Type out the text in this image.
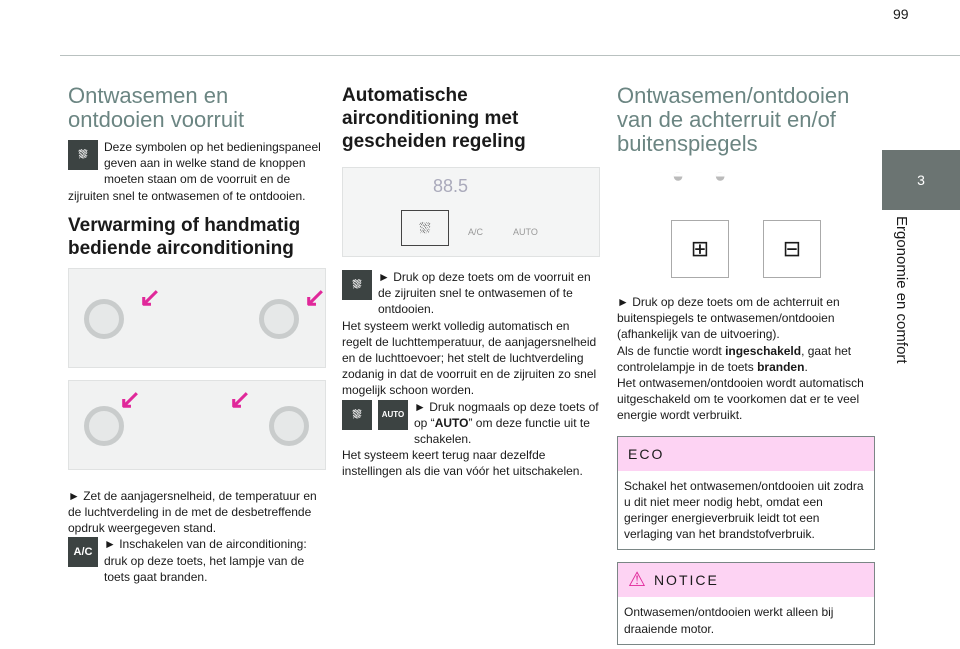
99
3
Ergonomie en comfort
Ontwasemen en ontdooien voorruit
⛆

Deze symbolen op het bedieningspaneel geven aan in welke stand de knoppen moeten staan om de voorruit en de zijruiten snel te ontwasemen of te ontdooien.

Verwarming of handmatig bediende airconditioning
↙	↙
↙	↙

► Zet de aanjagersnelheid, de temperatuur en de luchtverdeling in de met de desbetreffende opdruk weergegeven stand.

A/C

► Inschakelen van de airconditioning: druk op deze toets, het lampje van de toets gaat branden.

Automatische airconditioning met gescheiden regeling
88.5
⛆	A/C	AUTO
⛆

► Druk op deze toets om de voorruit en de zijruiten snel te ontwasemen of te ontdooien.

Het systeem werkt volledig automatisch en regelt de luchttemperatuur, de aanjagersnelheid en de luchttoevoer; het stelt de luchtverdeling zodanig in dat de voorruit en de zijruiten zo snel mogelijk schoon worden.

⛆	AUTO

► Druk nogmaals op deze toets of op “AUTO” om deze functie uit te schakelen.

Het systeem keert terug naar dezelfde instellingen als die van vóór het uitschakelen.

Ontwasemen/ontdooien van de achterruit en/of buitenspiegels
◒◒
⊞	⊟

► Druk op deze toets om de achterruit en buitenspiegels te ontwasemen/ontdooien (afhankelijk van de uitvoering).

Als de functie wordt ingeschakeld, gaat het controlelampje in de toets branden.

Het ontwasemen/ontdooien wordt automatisch uitgeschakeld om te voorkomen dat er te veel energie wordt verbruikt.

ECO
Schakel het ontwasemen/ontdooien uit zodra u dit niet meer nodig hebt, omdat een geringer energieverbruik leidt tot een verlaging van het brandstofverbruik.
⚠ NOTICE
Ontwasemen/ontdooien werkt alleen bij draaiende motor.
